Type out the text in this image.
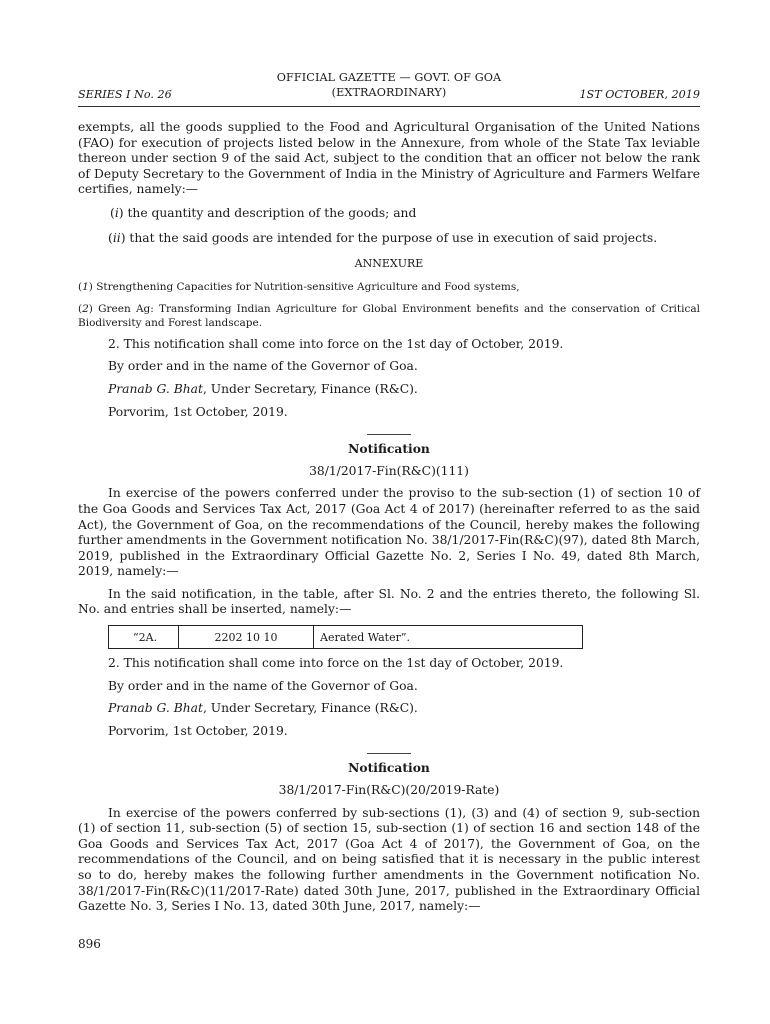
OFFICIAL GAZETTE — GOVT. OF GOA
(EXTRAORDINARY)
SERIES I No. 26	1ST OCTOBER, 2019

exempts, all the goods supplied to the Food and Agricultural Organisation of the United Nations (FAO) for execution of projects listed below in the Annexure, from whole of the State Tax leviable thereon under section 9 of the said Act, subject to the condition that an officer not below the rank of Deputy Secretary to the Government of India in the Ministry of Agriculture and Farmers Welfare certifies, namely:—

(i) the quantity and description of the goods; and

(ii) that the said goods are intended for the purpose of use in execution of said projects.

ANNEXURE

(1) Strengthening Capacities for Nutrition-sensitive Agriculture and Food systems,

(2) Green Ag: Transforming Indian Agriculture for Global Environment benefits and the conservation of Critical Biodiversity and Forest landscape.

2. This notification shall come into force on the 1st day of October, 2019.

By order and in the name of the Governor of Goa.

Pranab G. Bhat, Under Secretary, Finance (R&C).

Porvorim, 1st October, 2019.

Notification

38/1/2017-Fin(R&C)(111)

In exercise of the powers conferred under the proviso to the sub-section (1) of section 10 of the Goa Goods and Services Tax Act, 2017 (Goa Act 4 of 2017) (hereinafter referred to as the said Act), the Government of Goa, on the recommendations of the Council, hereby makes the following further amendments in the Government notification No. 38/1/2017-Fin(R&C)(97), dated 8th March, 2019, published in the Extraordinary Official Gazette No. 2, Series I No. 49, dated 8th March, 2019, namely:—

In the said notification, in the table, after Sl. No. 2 and the entries thereto, the following Sl. No. and entries shall be inserted, namely:—

“2A.	2202 10 10	Aerated Water”.

2. This notification shall come into force on the 1st day of October, 2019.

By order and in the name of the Governor of Goa.

Pranab G. Bhat, Under Secretary, Finance (R&C).

Porvorim, 1st October, 2019.

Notification

38/1/2017-Fin(R&C)(20/2019-Rate)

In exercise of the powers conferred by sub-sections (1), (3) and (4) of section 9, sub-section (1) of section 11, sub-section (5) of section 15, sub-section (1) of section 16 and section 148 of the Goa Goods and Services Tax Act, 2017 (Goa Act 4 of 2017), the Government of Goa, on the recommendations of the Council, and on being satisfied that it is necessary in the public interest so to do, hereby makes the following further amendments in the Government notification No. 38/1/2017-Fin(R&C)(11/2017-Rate) dated 30th June, 2017, published in the Extraordinary Official Gazette No. 3, Series I No. 13, dated 30th June, 2017, namely:—

896
